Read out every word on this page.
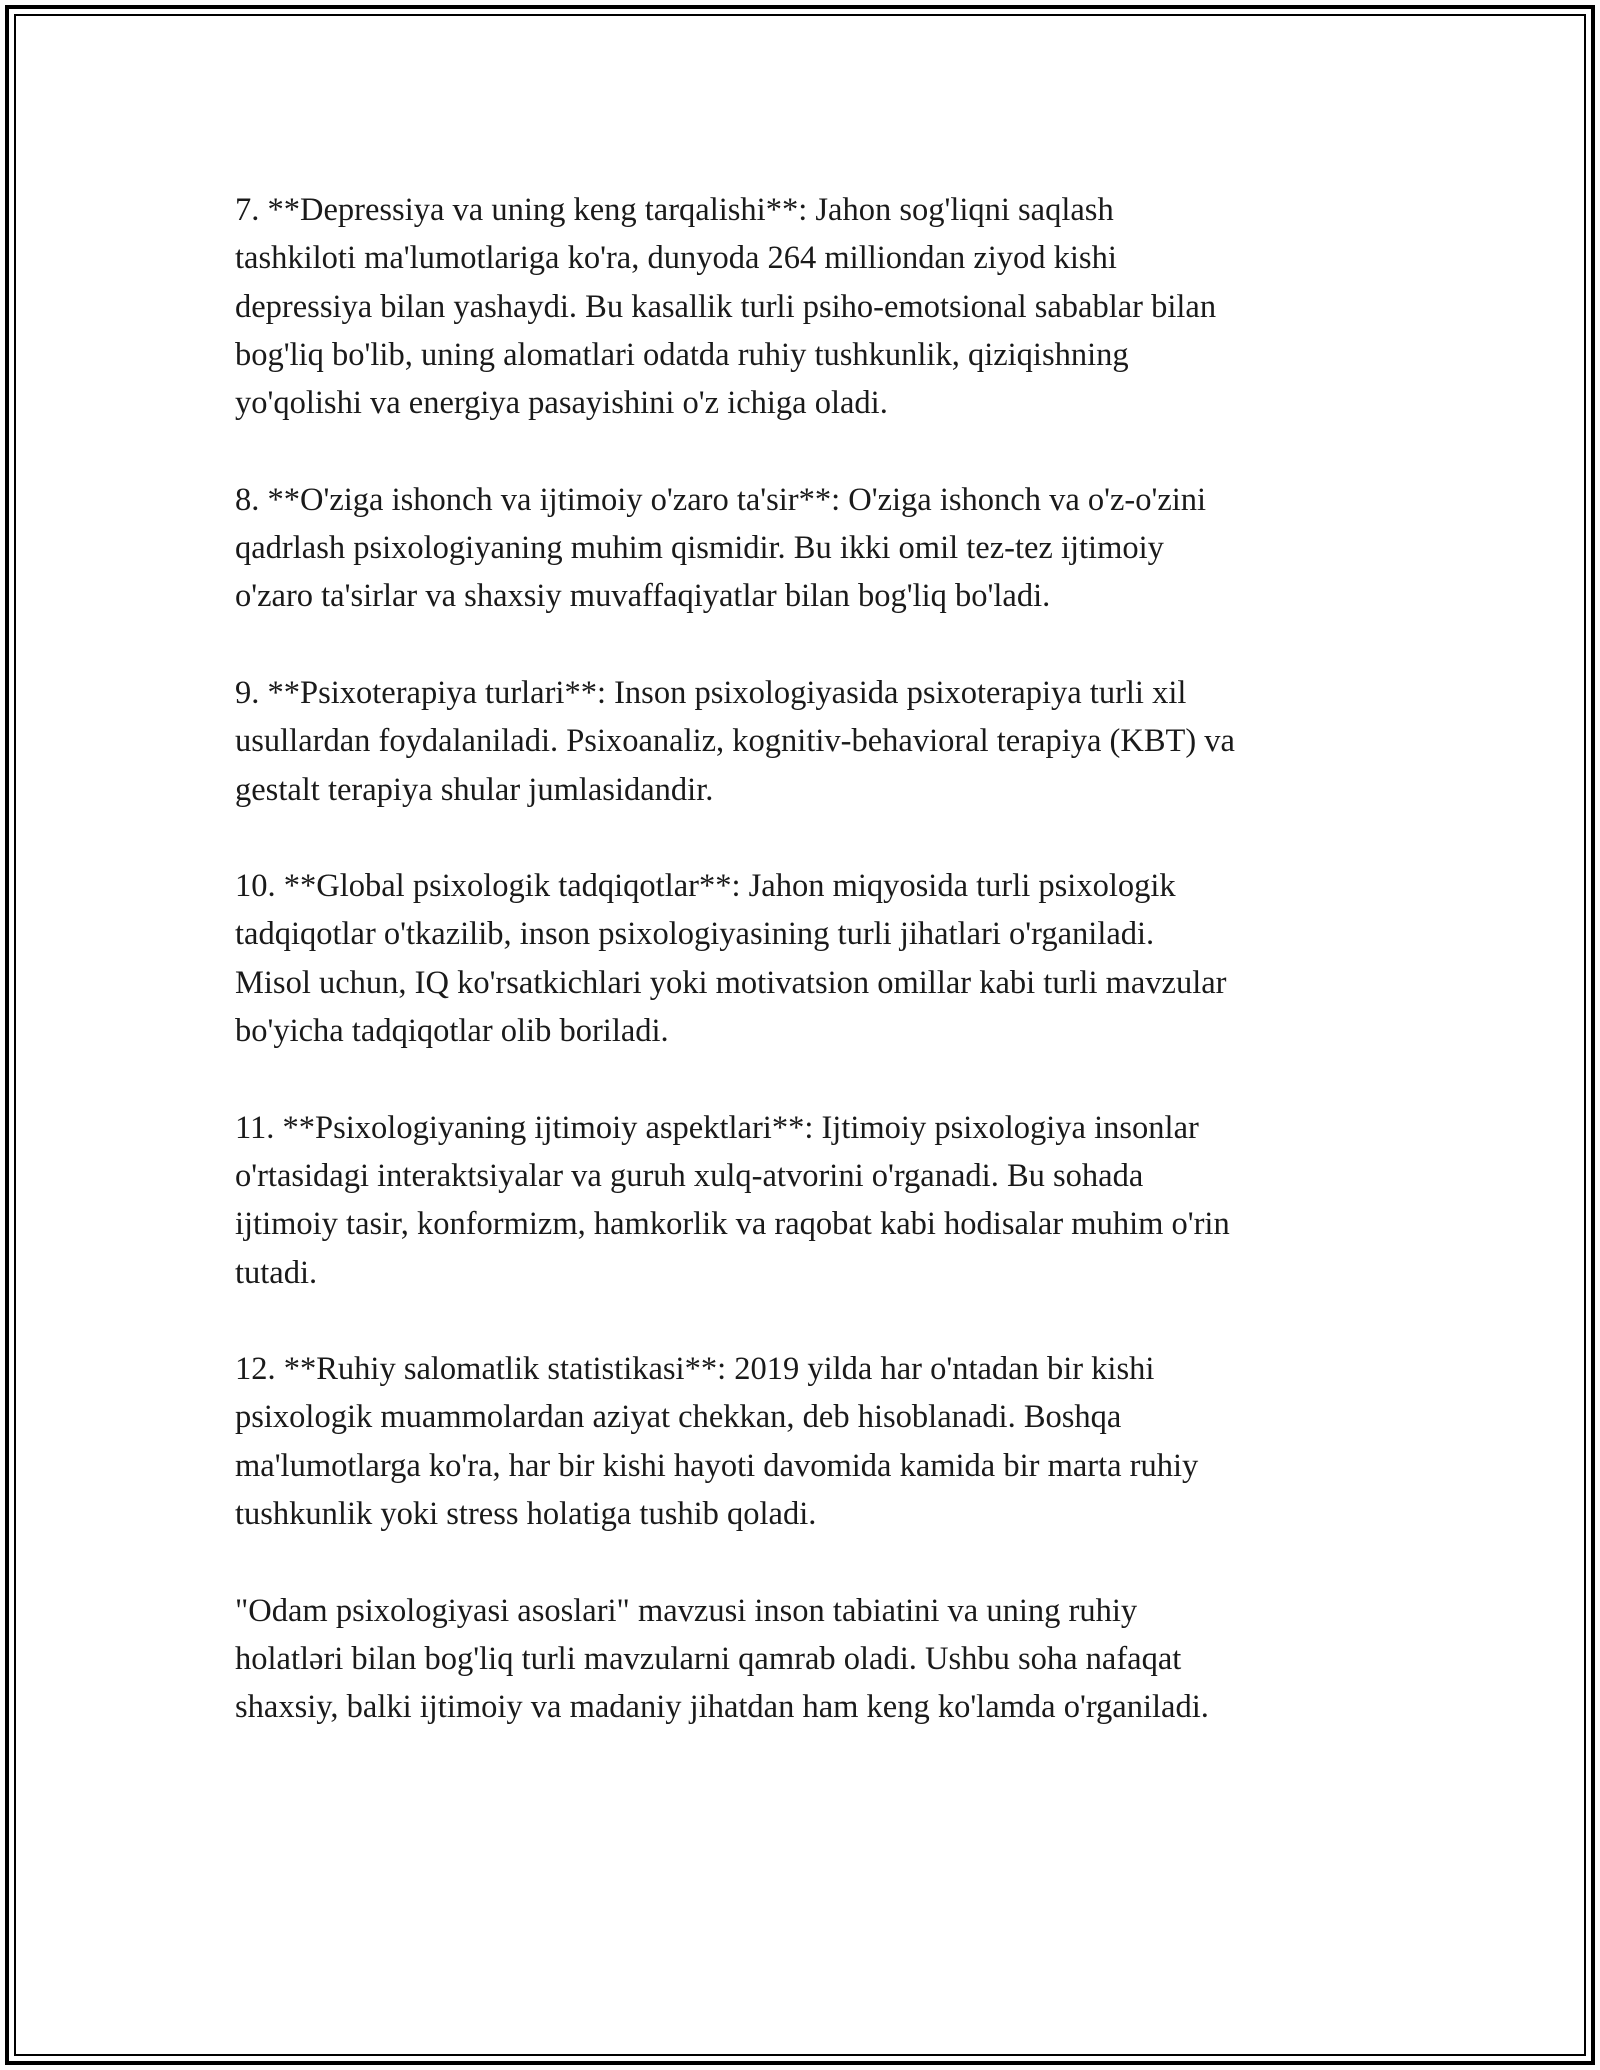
7. **Depressiya va uning keng tarqalishi**: Jahon sog'liqni saqlash
tashkiloti ma'lumotlariga ko'ra, dunyoda 264 milliondan ziyod kishi
depressiya bilan yashaydi. Bu kasallik turli psiho-emotsional sabablar bilan
bog'liq bo'lib, uning alomatlari odatda ruhiy tushkunlik, qiziqishning
yo'qolishi va energiya pasayishini o'z ichiga oladi.

8. **O'ziga ishonch va ijtimoiy o'zaro ta'sir**: O'ziga ishonch va o'z-o'zini
qadrlash psixologiyaning muhim qismidir. Bu ikki omil tez-tez ijtimoiy
o'zaro ta'sirlar va shaxsiy muvaffaqiyatlar bilan bog'liq bo'ladi.

9. **Psixoterapiya turlari**: Inson psixologiyasida psixoterapiya turli xil
usullardan foydalaniladi. Psixoanaliz, kognitiv-behavioral terapiya (KBT) va
gestalt terapiya shular jumlasidandir.

10. **Global psixologik tadqiqotlar**: Jahon miqyosida turli psixologik
tadqiqotlar o'tkazilib, inson psixologiyasining turli jihatlari o'rganiladi.
Misol uchun, IQ ko'rsatkichlari yoki motivatsion omillar kabi turli mavzular
bo'yicha tadqiqotlar olib boriladi.

11. **Psixologiyaning ijtimoiy aspektlari**: Ijtimoiy psixologiya insonlar
o'rtasidagi interaktsiyalar va guruh xulq-atvorini o'rganadi. Bu sohada
ijtimoiy tasir, konformizm, hamkorlik va raqobat kabi hodisalar muhim o'rin
tutadi.

12. **Ruhiy salomatlik statistikasi**: 2019 yilda har o'ntadan bir kishi
psixologik muammolardan aziyat chekkan, deb hisoblanadi. Boshqa
ma'lumotlarga ko'ra, har bir kishi hayoti davomida kamida bir marta ruhiy
tushkunlik yoki stress holatiga tushib qoladi.

"Odam psixologiyasi asoslari" mavzusi inson tabiatini va uning ruhiy
holatləri bilan bog'liq turli mavzularni qamrab oladi. Ushbu soha nafaqat
shaxsiy, balki ijtimoiy va madaniy jihatdan ham keng ko'lamda o'rganiladi.
